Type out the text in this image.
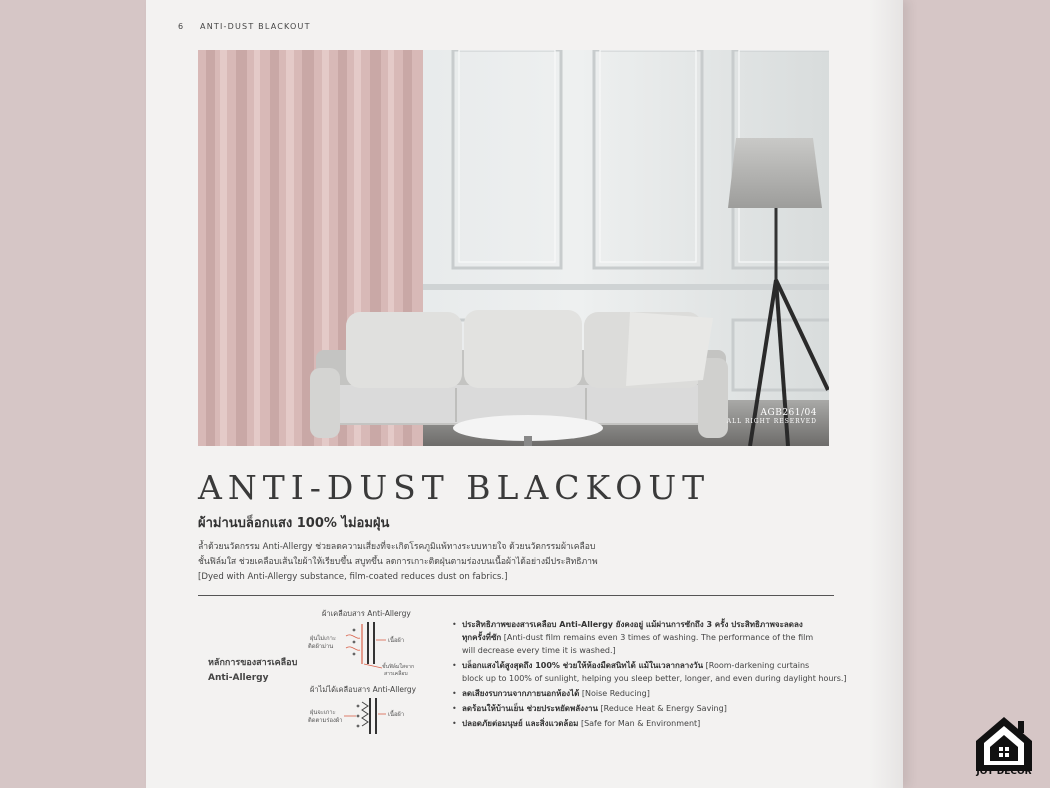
6 ANTI-DUST BLACKOUT
AGB261/04
ALL RIGHT RESERVED
ANTI-DUST BLACKOUT
ผ้าม่านบล็อกแสง 100% ไม่อมฝุ่น
ล้ำด้วยนวัตกรรม Anti-Allergy ช่วยลดความเสี่ยงที่จะเกิดโรคภูมิแพ้ทางระบบหายใจ ด้วยนวัตกรรมผ้าเคลือบ
ชั้นฟิล์มใส ช่วยเคลือบเส้นใยผ้าให้เรียบขึ้น สบูทขึ้น ลดการเกาะติดฝุ่นตามร่องบนเนื้อผ้าได้อย่างมีประสิทธิภาพ
[Dyed with Anti-Allergy substance, film-coated reduces dust on fabrics.]
หลักการของสารเคลือบ
Anti-Allergy
ผ้าเคลือบสาร Anti-Allergy
ฝุ่นไม่เกาะ
ติดผ้าม่าน
เนื้อผ้า
ชั้นฟิล์มใสจาก
สารเคลือบ
ผ้าไม่ได้เคลือบสาร Anti-Allergy
ฝุ่นจะเกาะ
ติดตามร่องผ้า
เนื้อผ้า
• ประสิทธิภาพของสารเคลือบ Anti-Allergy ยังคงอยู่ แม้ผ่านการซักถึง 3 ครั้ง ประสิทธิภาพจะลดลง
ทุกครั้งที่ซัก [Anti-dust film remains even 3 times of washing. The performance of the film
will decrease every time it is washed.]
• บล็อกแสงได้สูงสุดถึง 100% ช่วยให้ห้องมืดสนิทได้ แม้ในเวลากลางวัน [Room-darkening curtains
block up to 100% of sunlight, helping you sleep better, longer, and even during daylight hours.]
• ลดเสียงรบกวนจากภายนอกห้องได้ [Noise Reducing]
• ลดร้อนให้บ้านเย็น ช่วยประหยัดพลังงาน [Reduce Heat & Energy Saving]
• ปลอดภัยต่อมนุษย์ และสิ่งแวดล้อม [Safe for Man & Environment]
JOY DECOR
